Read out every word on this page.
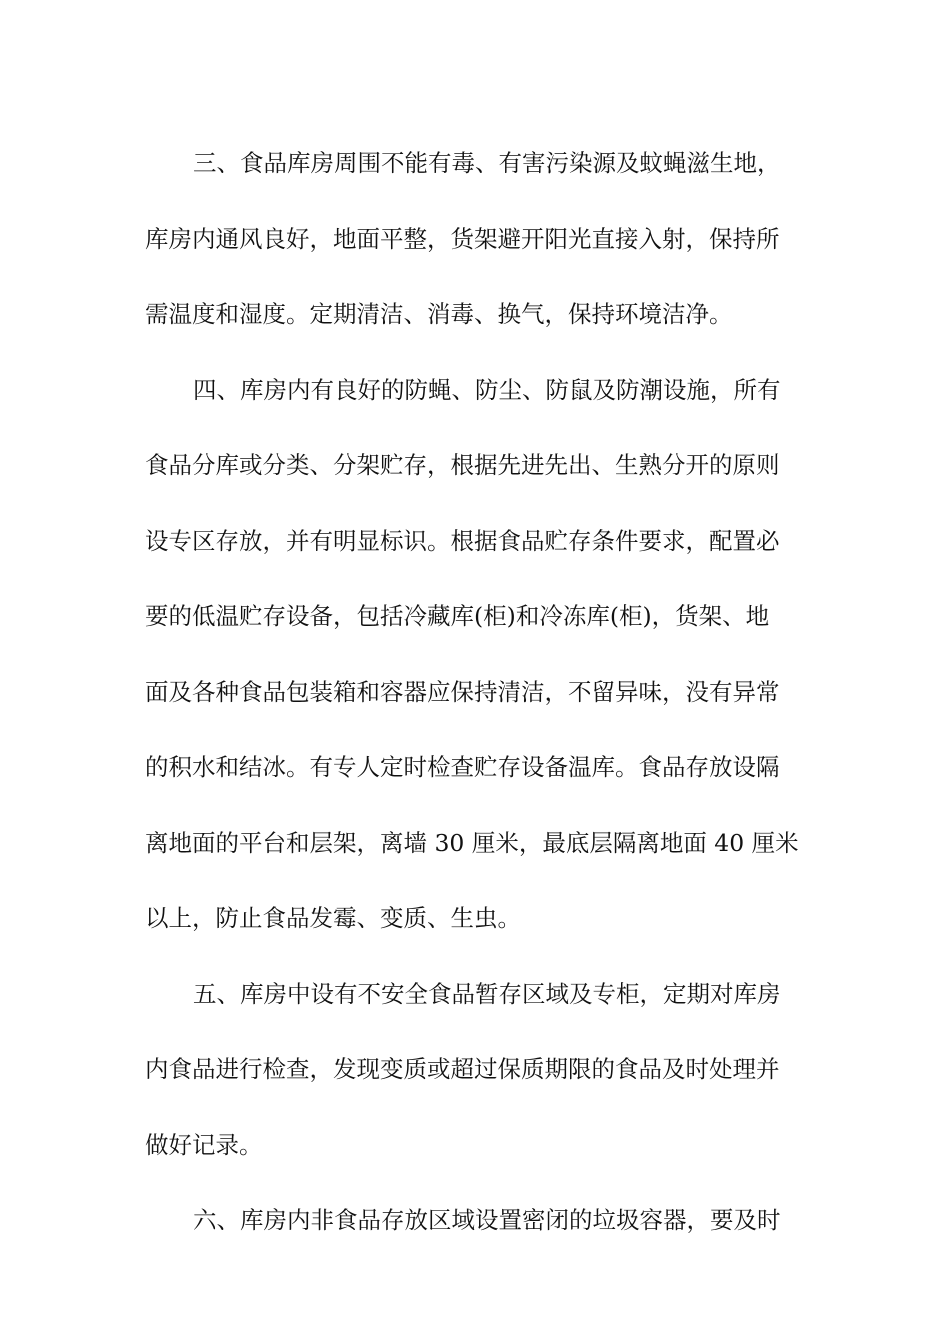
三、食品库房周围不能有毒、有害污染源及蚊蝇滋生地，
库房内通风良好，地面平整，货架避开阳光直接入射，保持所
需温度和湿度。定期清洁、消毒、换气，保持环境洁净。
四、库房内有良好的防蝇、防尘、防鼠及防潮设施，所有
食品分库或分类、分架贮存，根据先进先出、生熟分开的原则
设专区存放，并有明显标识。根据食品贮存条件要求，配置必
要的低温贮存设备，包括冷藏库(柜)和冷冻库(柜)，货架、地
面及各种食品包装箱和容器应保持清洁，不留异味，没有异常
的积水和结冰。有专人定时检查贮存设备温库。食品存放设隔
离地面的平台和层架，离墙 30 厘米，最底层隔离地面 40 厘米
以上，防止食品发霉、变质、生虫。
五、库房中设有不安全食品暂存区域及专柜，定期对库房
内食品进行检查，发现变质或超过保质期限的食品及时处理并
做好记录。
六、库房内非食品存放区域设置密闭的垃圾容器，要及时
